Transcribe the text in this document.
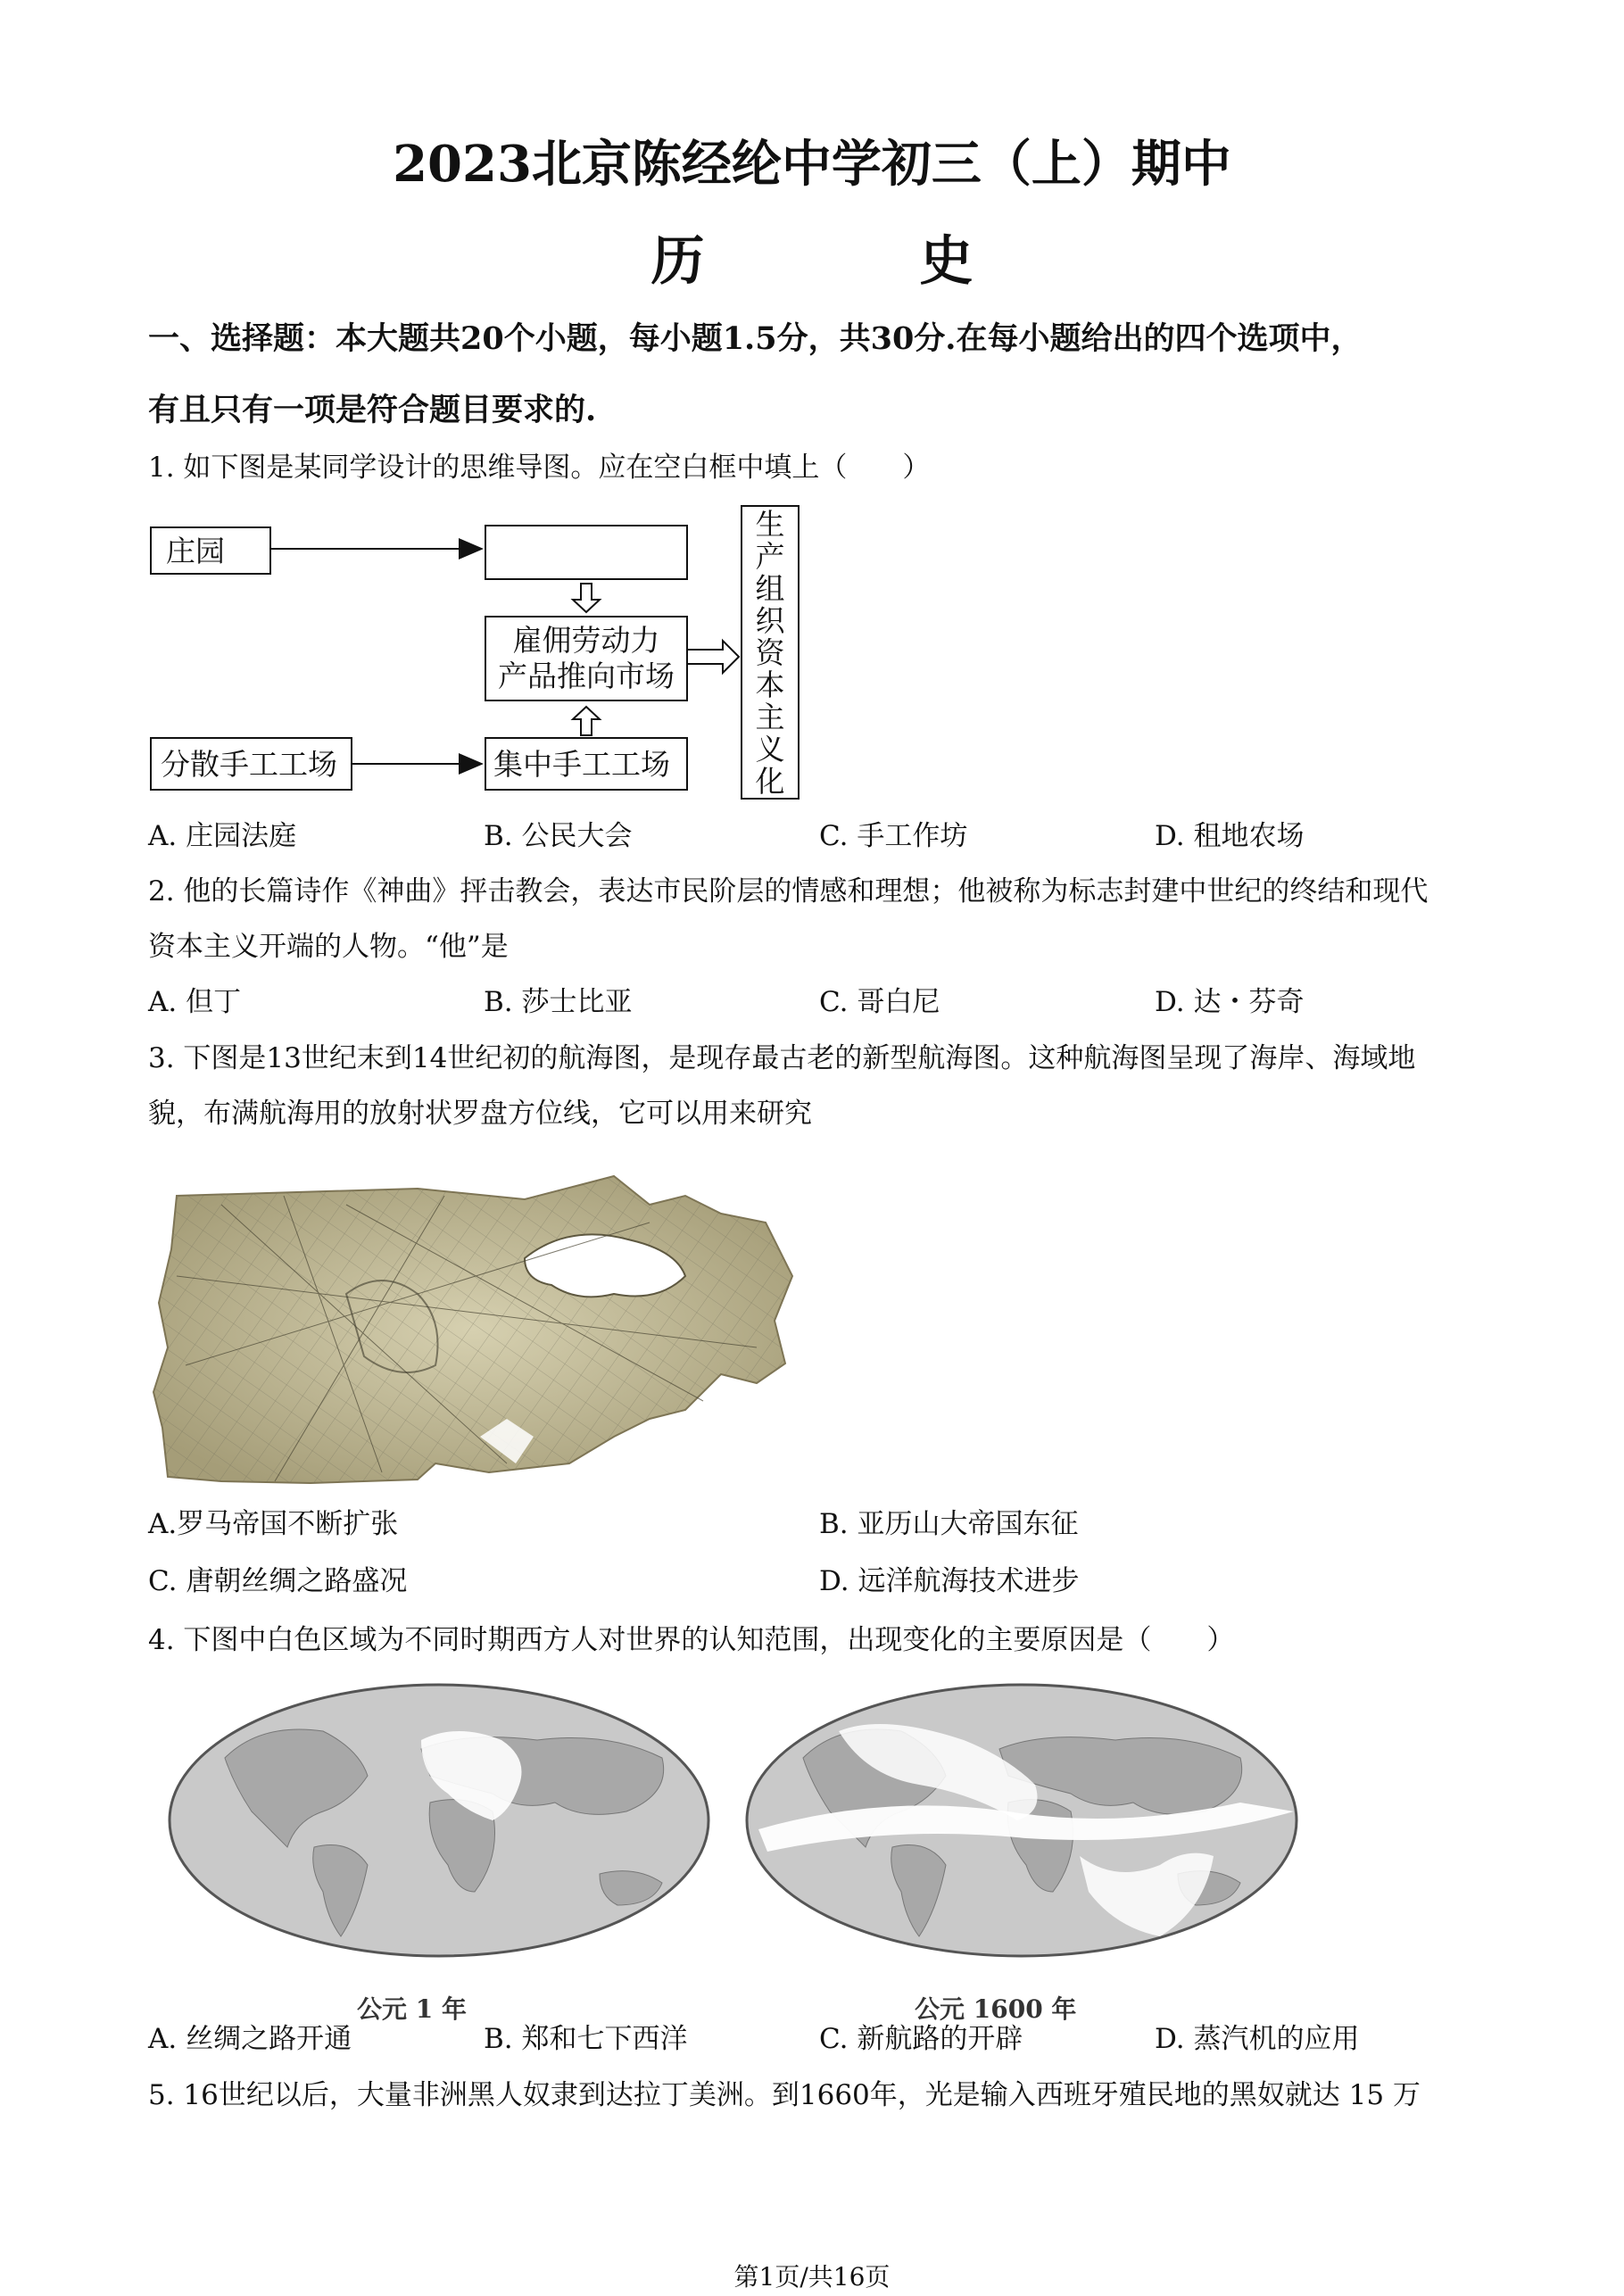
2023北京陈经纶中学初三（上）期中
历 史
一、选择题：本大题共20个小题，每小题1.5分，共30分.在每小题给出的四个选项中，
有且只有一项是符合题目要求的.
1. 如下图是某同学设计的思维导图。应在空白框中填上（　　）
庄园
雇佣劳动力
产品推向市场
分散手工工场	集中手工工场
生
产
组
织
资
本
主
义
化
A. 庄园法庭	B. 公民大会	C. 手工作坊	D. 租地农场
2. 他的长篇诗作《神曲》抨击教会，表达市民阶层的情感和理想；他被称为标志封建中世纪的终结和现代
资本主义开端的人物。“他”是
A. 但丁	B. 莎士比亚	C. 哥白尼	D. 达・芬奇
3. 下图是13世纪末到14世纪初的航海图，是现存最古老的新型航海图。这种航海图呈现了海岸、海域地
貌，布满航海用的放射状罗盘方位线，它可以用来研究
A.罗马帝国不断扩张	B. 亚历山大帝国东征
C. 唐朝丝绸之路盛况	D. 远洋航海技术进步
4. 下图中白色区域为不同时期西方人对世界的认知范围，出现变化的主要原因是（　　）
公元 1 年	公元 1600 年
A. 丝绸之路开通	B. 郑和七下西洋	C. 新航路的开辟	D. 蒸汽机的应用
5. 16世纪以后，大量非洲黑人奴隶到达拉丁美洲。到1660年，光是输入西班牙殖民地的黑奴就达 15 万
第1页/共16页
